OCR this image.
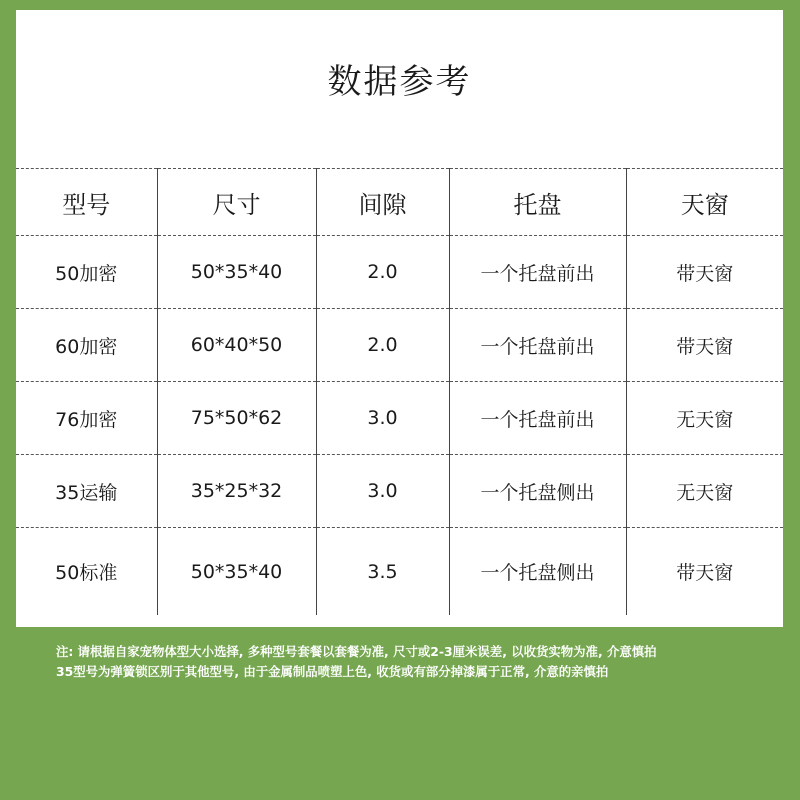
数据参考
型号	尺寸	间隙	托盘	天窗
50加密	50*35*40	2.0	一个托盘前出	带天窗
60加密	60*40*50	2.0	一个托盘前出	带天窗
76加密	75*50*62	3.0	一个托盘前出	无天窗
35运输	35*25*32	3.0	一个托盘侧出	无天窗
50标准	50*35*40	3.5	一个托盘侧出	带天窗
注: 请根据自家宠物体型大小选择, 多种型号套餐以套餐为准, 尺寸或2-3厘米误差, 以收货实物为准, 介意慎拍
35型号为弹簧锁区别于其他型号, 由于金属制品喷塑上色, 收货或有部分掉漆属于正常, 介意的亲慎拍
